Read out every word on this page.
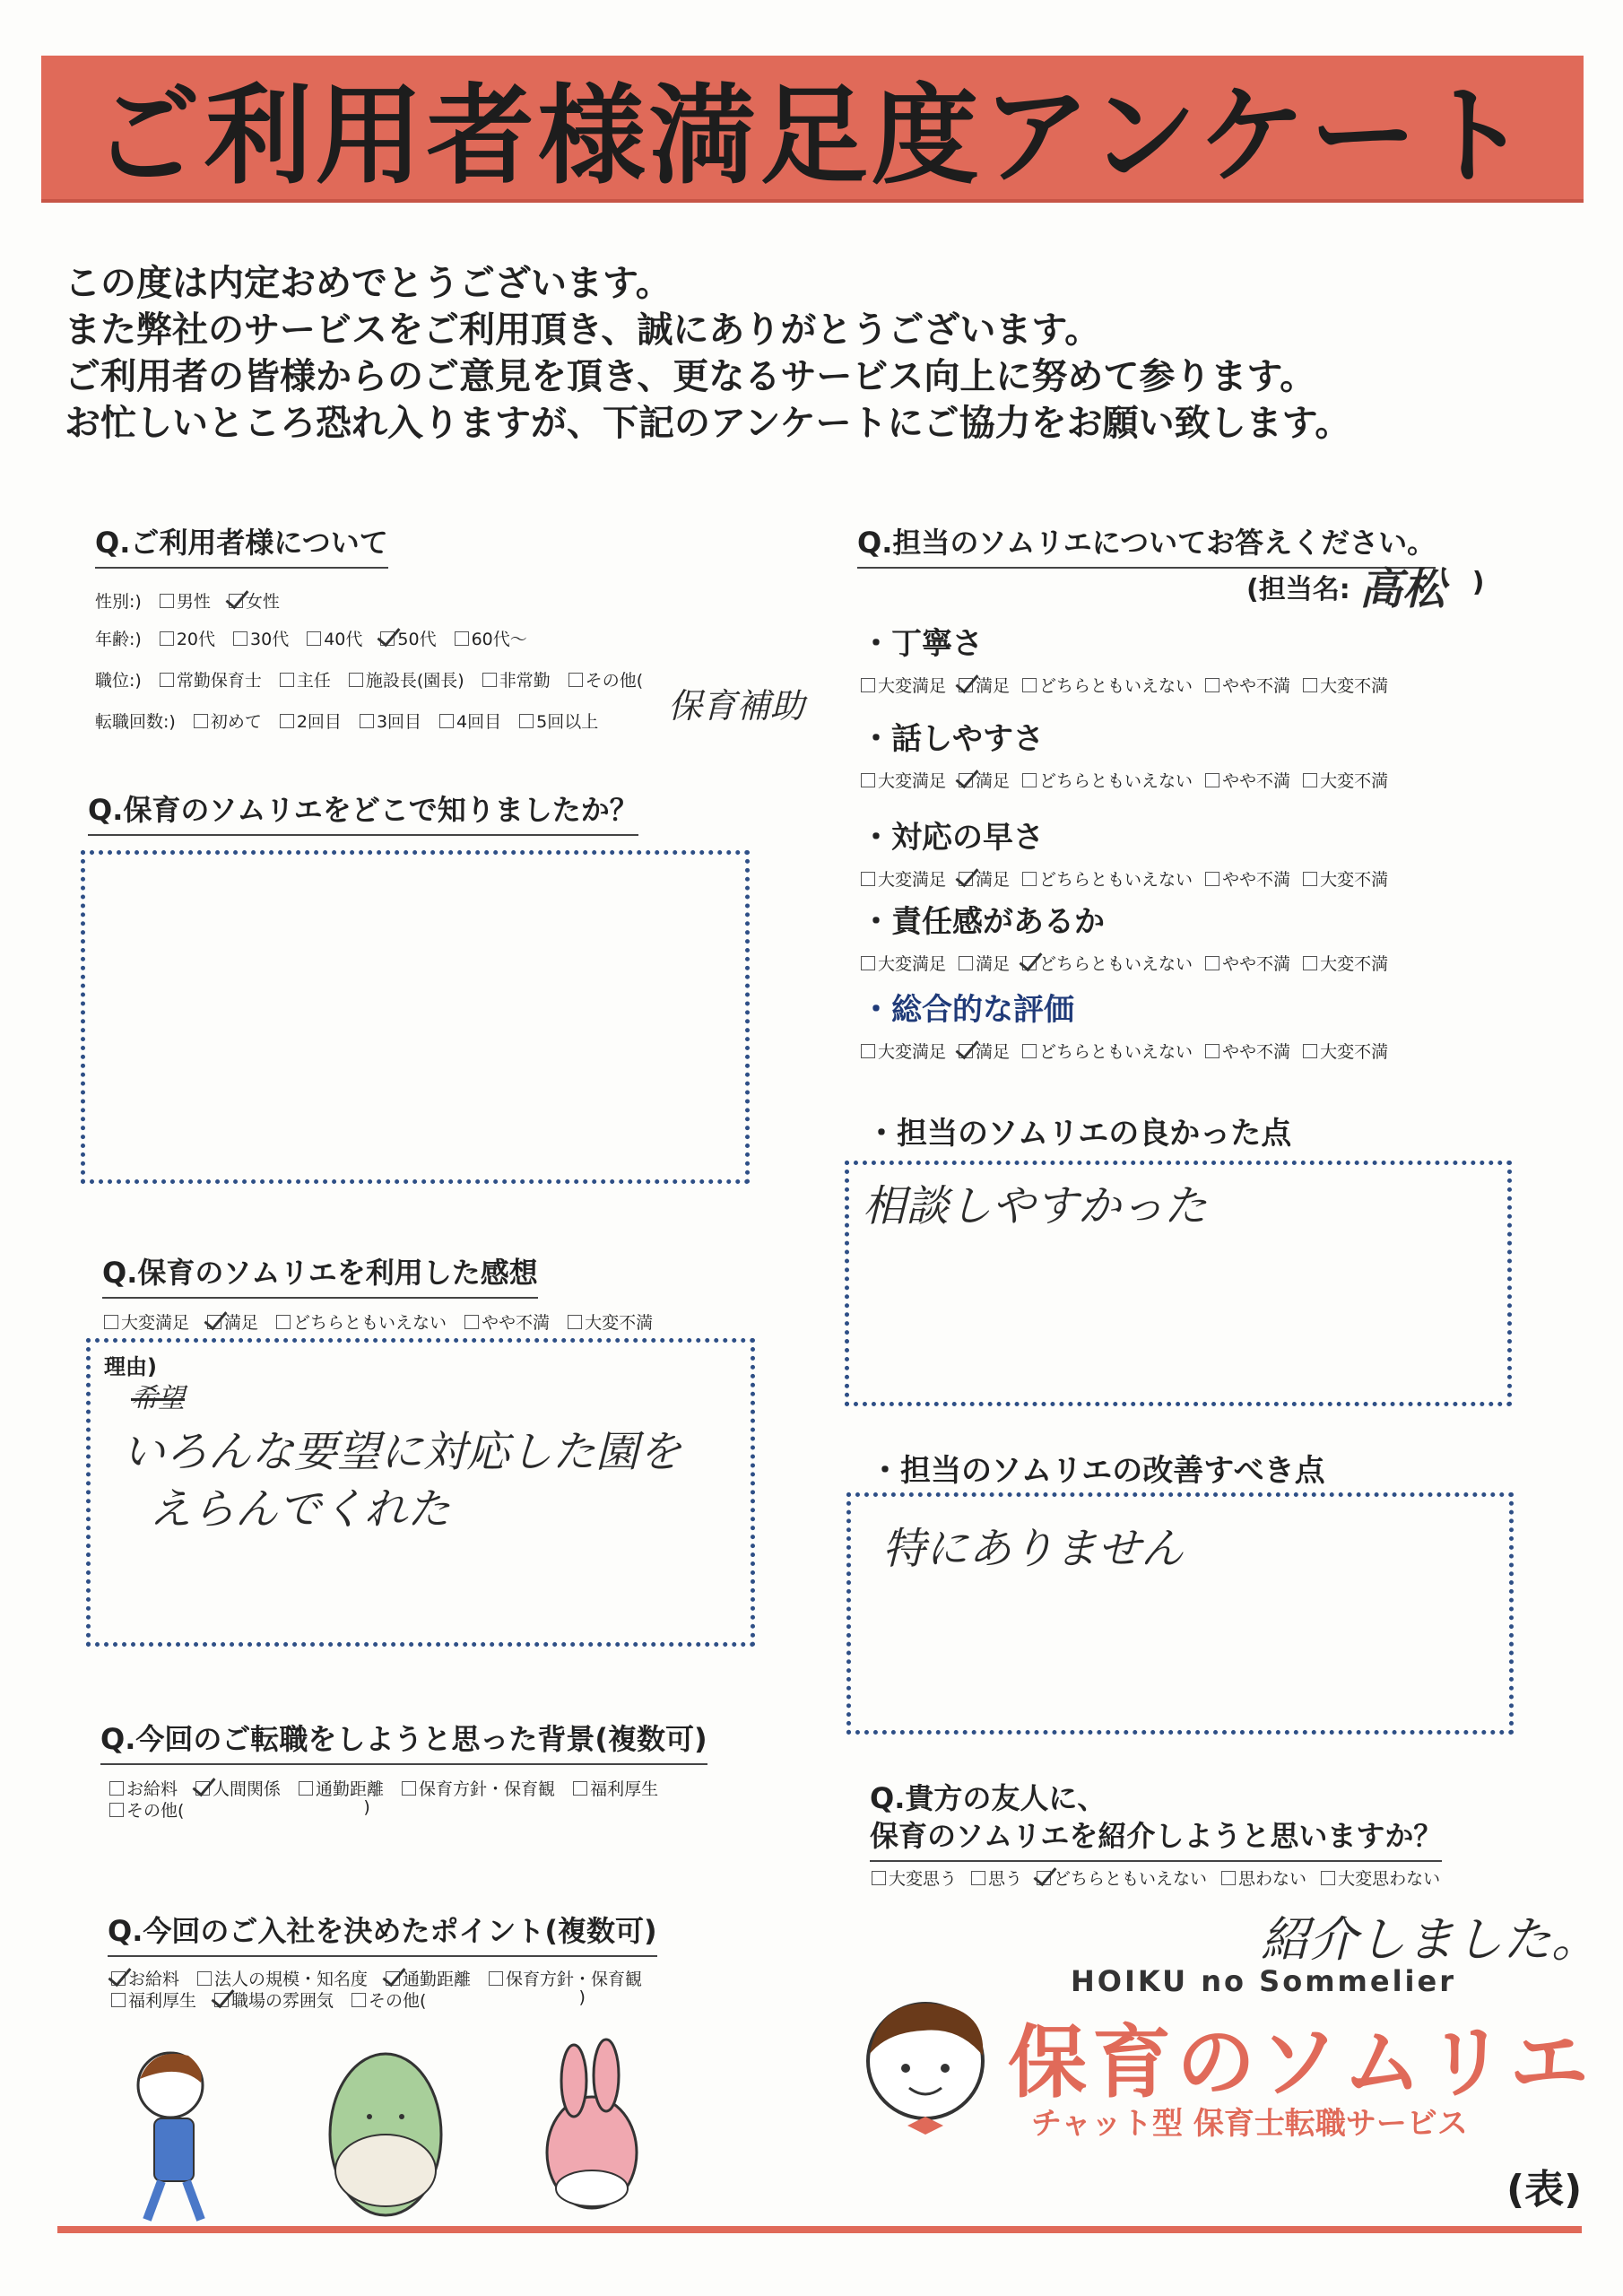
ご利用者様満足度アンケート
この度は内定おめでとうございます。
また弊社のサービスをご利用頂き、誠にありがとうございます。
ご利用者の皆様からのご意見を頂き、更なるサービス向上に努めて参ります。
お忙しいところ恐れ入りますが、下記のアンケートにご協力をお願い致します。
Q.ご利用者様について
性別:) 男性 女性
年齢:) 20代 30代 40代 50代 60代〜
職位:) 常勤保育士 主任 施設長(園長) 非常勤 その他(
保育補助
転職回数:) 初めて 2回目 3回目 4回目 5回以上
Q.保育のソムリエをどこで知りましたか？
Q.保育のソムリエを利用した感想
大変満足 満足 どちらともいえない やや不満 大変不満
理由)
希望
いろんな要望に対応した園を
えらんでくれた
Q.今回のご転職をしようと思った背景(複数可)
お給料 人間関係 通勤距離 保育方針・保育観 福利厚生
その他(	)
Q.今回のご入社を決めたポイント(複数可)
お給料 法人の規模・知名度 通勤距離 保育方針・保育観
福利厚生 職場の雰囲気 その他(	)
Q.担当のソムリエについてお答えください。
(担当名: 高松 )
・丁寧さ
大変満足 満足 どちらともいえない やや不満 大変不満
・話しやすさ
大変満足 満足 どちらともいえない やや不満 大変不満
・対応の早さ
大変満足 満足 どちらともいえない やや不満 大変不満
・責任感があるか
大変満足 満足 どちらともいえない やや不満 大変不満
・総合的な評価
大変満足 満足 どちらともいえない やや不満 大変不満
・担当のソムリエの良かった点
相談しやすかった
・担当のソムリエの改善すべき点
特にありません
Q.貴方の友人に、
保育のソムリエを紹介しようと思いますか？
大変思う 思う どちらともいえない 思わない 大変思わない
紹介しました。
HOIKU no Sommelier
保育のソムリエ
チャット型 保育士転職サービス
(表)
